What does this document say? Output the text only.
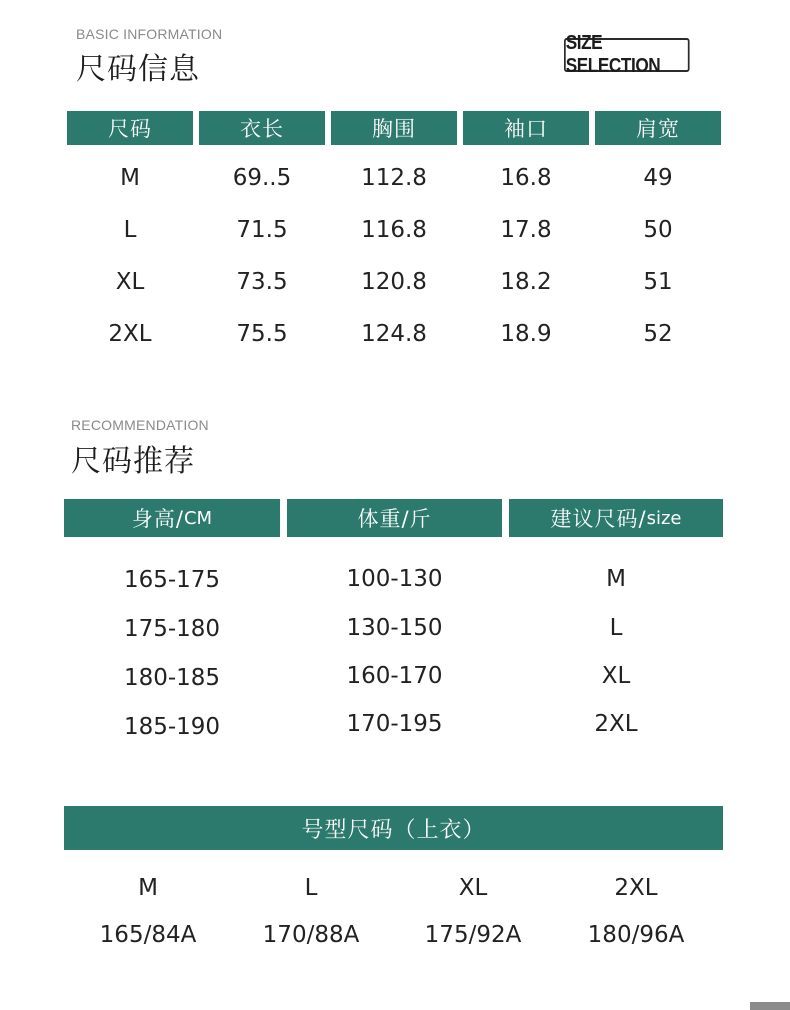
BASIC INFORMATION
尺码信息
SIZE SELECTION
尺码	衣长	胸围	袖口	肩宽
M	69..5	112.8	16.8	49
L	71.5	116.8	17.8	50
XL	73.5	120.8	18.2	51
2XL	75.5	124.8	18.9	52
RECOMMENDATION
尺码推荐
身高/ CM	体重/斤	建议尺码/ size
165-175	100-130	M
175-180	130-150	L
180-185	160-170	XL
185-190	170-195	2XL
号型尺码（上衣）
M	L	XL	2XL
165/84A	170/88A	175/92A	180/96A
